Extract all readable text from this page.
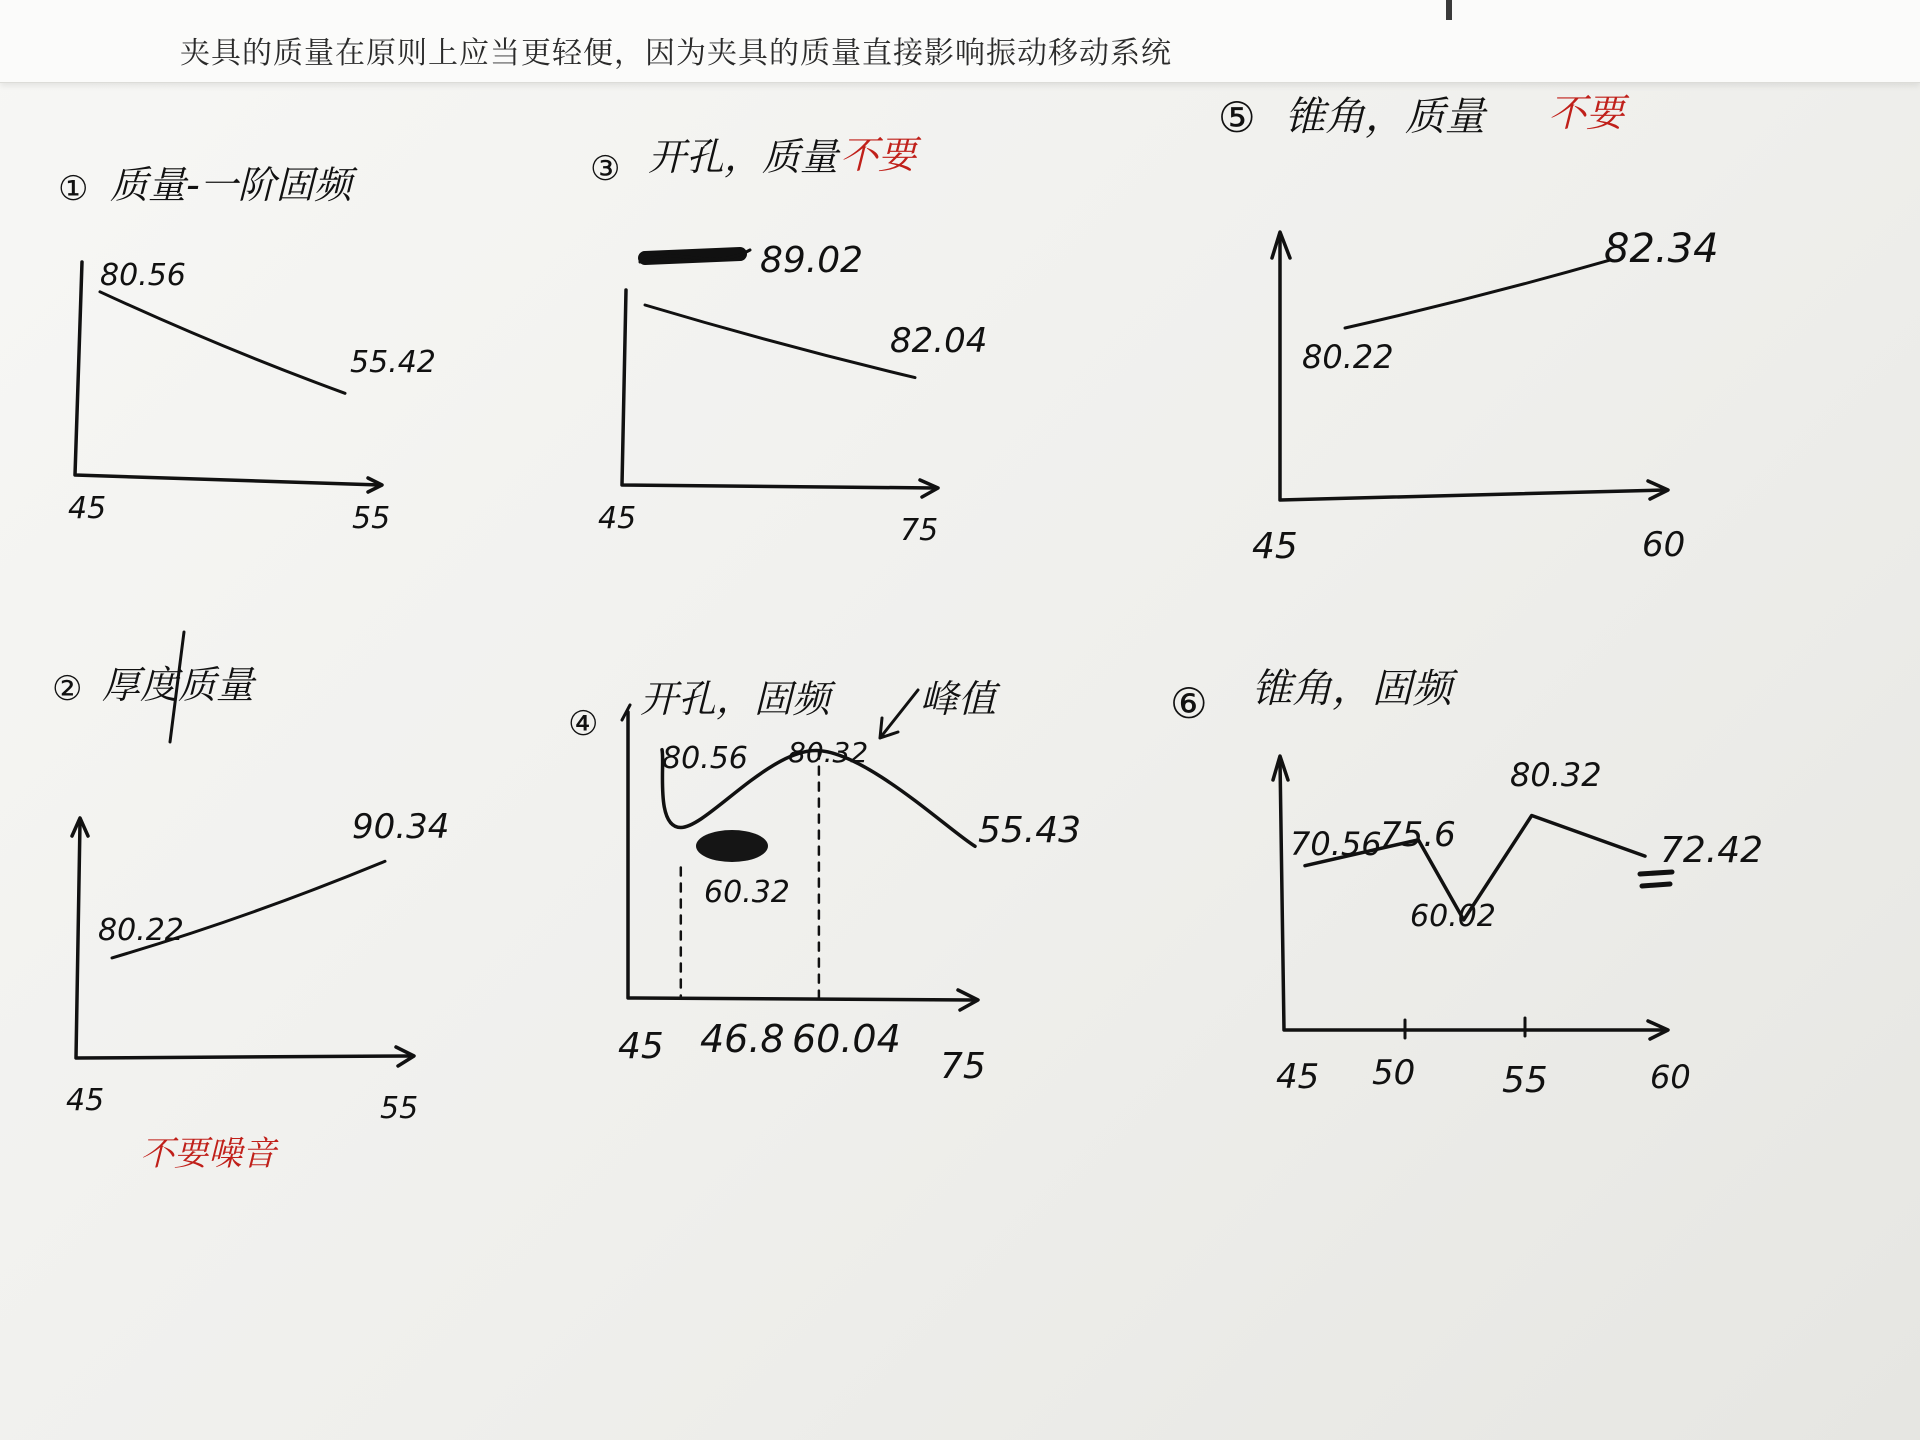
夹具的质量在原则上应当更轻便，因为夹具的质量直接影响振动移动系统
① 质量-一阶固频
80.56
55.42
45	55
② 厚度质量
80.22
90.34
45	55
不要噪音
③ 开孔，质量 不要
89.02
82.04
45	75
④
开孔，固频 峰值
80.56
60.32
80.32
55.43
45 46.8 60.04
75
⑤ 锥角，质量 不要
80.22
82.34
45	60
⑥ 锥角，固频
70.56
75.6
60.02
80.32
72.42
45 50 55	60
